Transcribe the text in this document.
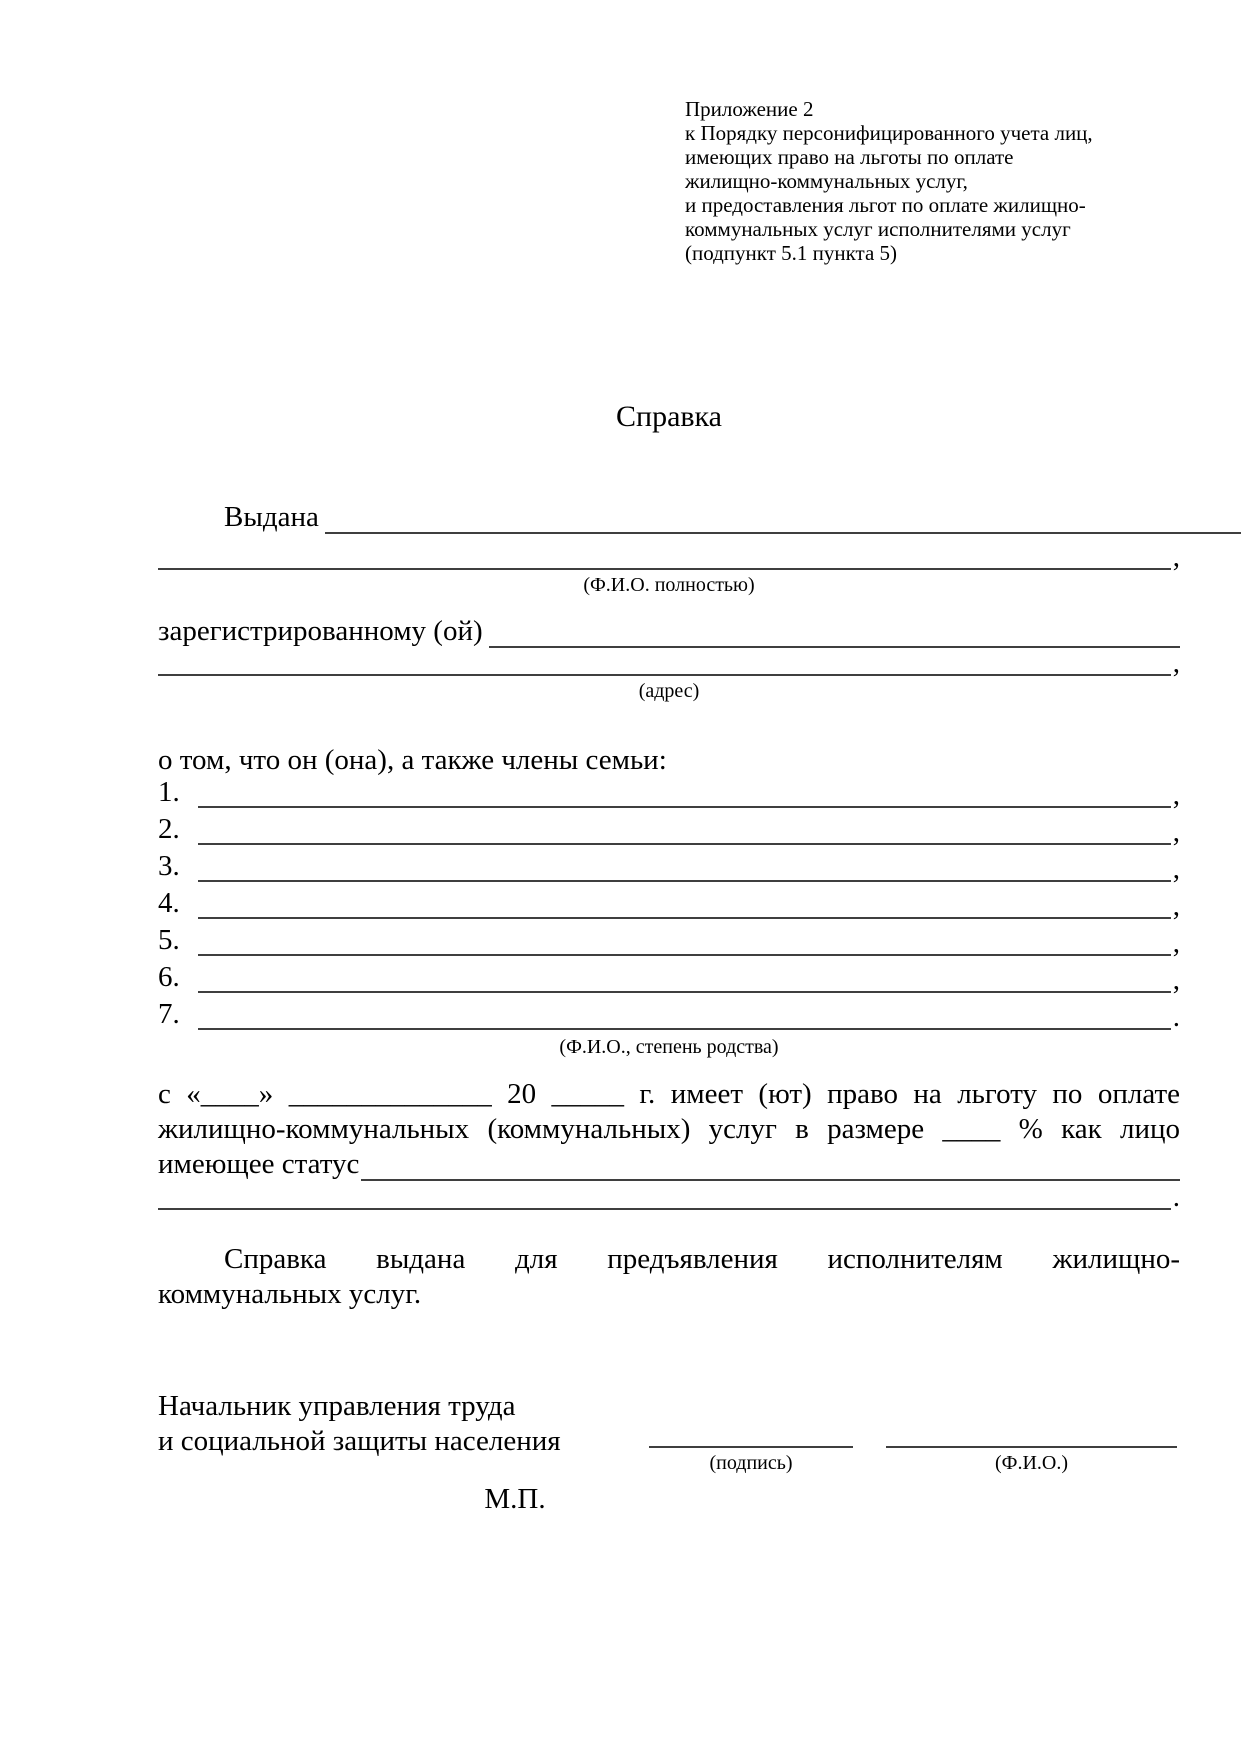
Приложение 2
к Порядку персонифицированного учета лиц,
имеющих право на льготы по оплате
жилищно-коммунальных услуг,
и предоставления льгот по оплате жилищно-
коммунальных услуг исполнителями услуг
(подпункт 5.1 пункта 5)
Справка
Выдана
,
(Ф.И.О. полностью)
зарегистрированному (ой)
,
(адрес)
о том, что он (она), а также члены семьи:
1.	,
2.	,
3.	,
4.	,
5.	,
6.	,
7.	.
(Ф.И.О., степень родства)
с «____» ______________ 20 _____ г. имеет (ют) право на льготу по оплате
жилищно-коммунальных (коммунальных) услуг в размере ____ % как лицо
имеющее статус
.
Справка выдана для предъявления исполнителям жилищно-
коммунальных услуг.
Начальник управления труда
и социальной защиты населения
(подпись)	(Ф.И.О.)
М.П.
